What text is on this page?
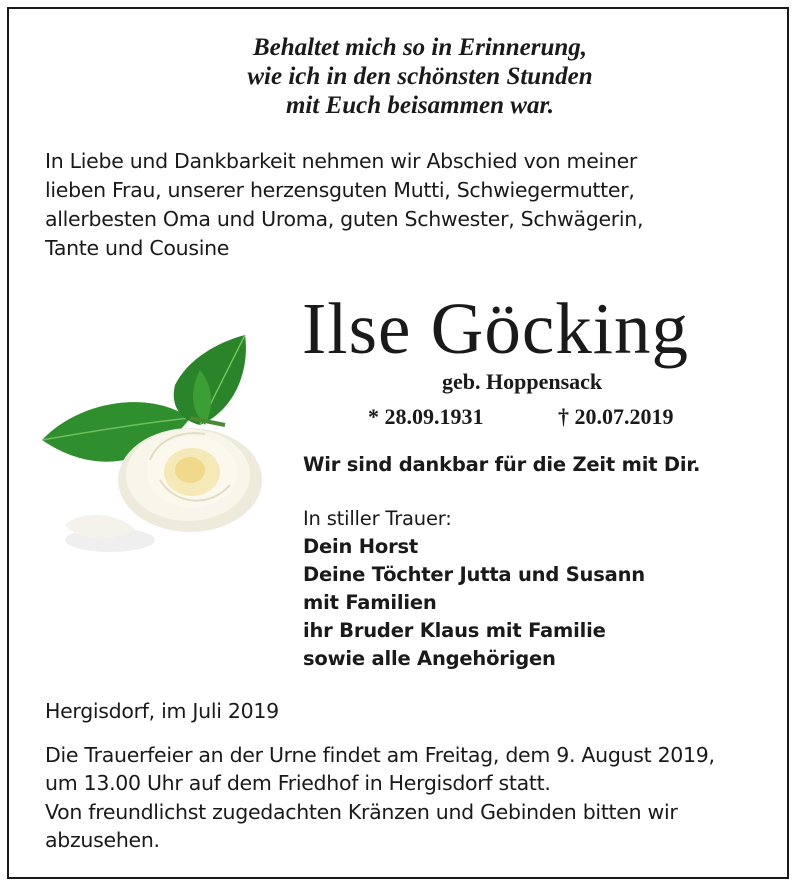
Behaltet mich so in Erinnerung,
wie ich in den schönsten Stunden
mit Euch beisammen war.
In Liebe und Dankbarkeit nehmen wir Abschied von meiner
lieben Frau, unserer herzensguten Mutti, Schwiegermutter,
allerbesten Oma und Uroma, guten Schwester, Schwägerin,
Tante und Cousine
Ilse Göcking
geb. Hoppensack
* 28.09.1931	† 20.07.2019
Wir sind dankbar für die Zeit mit Dir.
In stiller Trauer:
Dein Horst
Deine Töchter Jutta und Susann
mit Familien
ihr Bruder Klaus mit Familie
sowie alle Angehörigen
Hergisdorf, im Juli 2019
Die Trauerfeier an der Urne findet am Freitag, dem 9. August 2019,
um 13.00 Uhr auf dem Friedhof in Hergisdorf statt.
Von freundlichst zugedachten Kränzen und Gebinden bitten wir
abzusehen.
